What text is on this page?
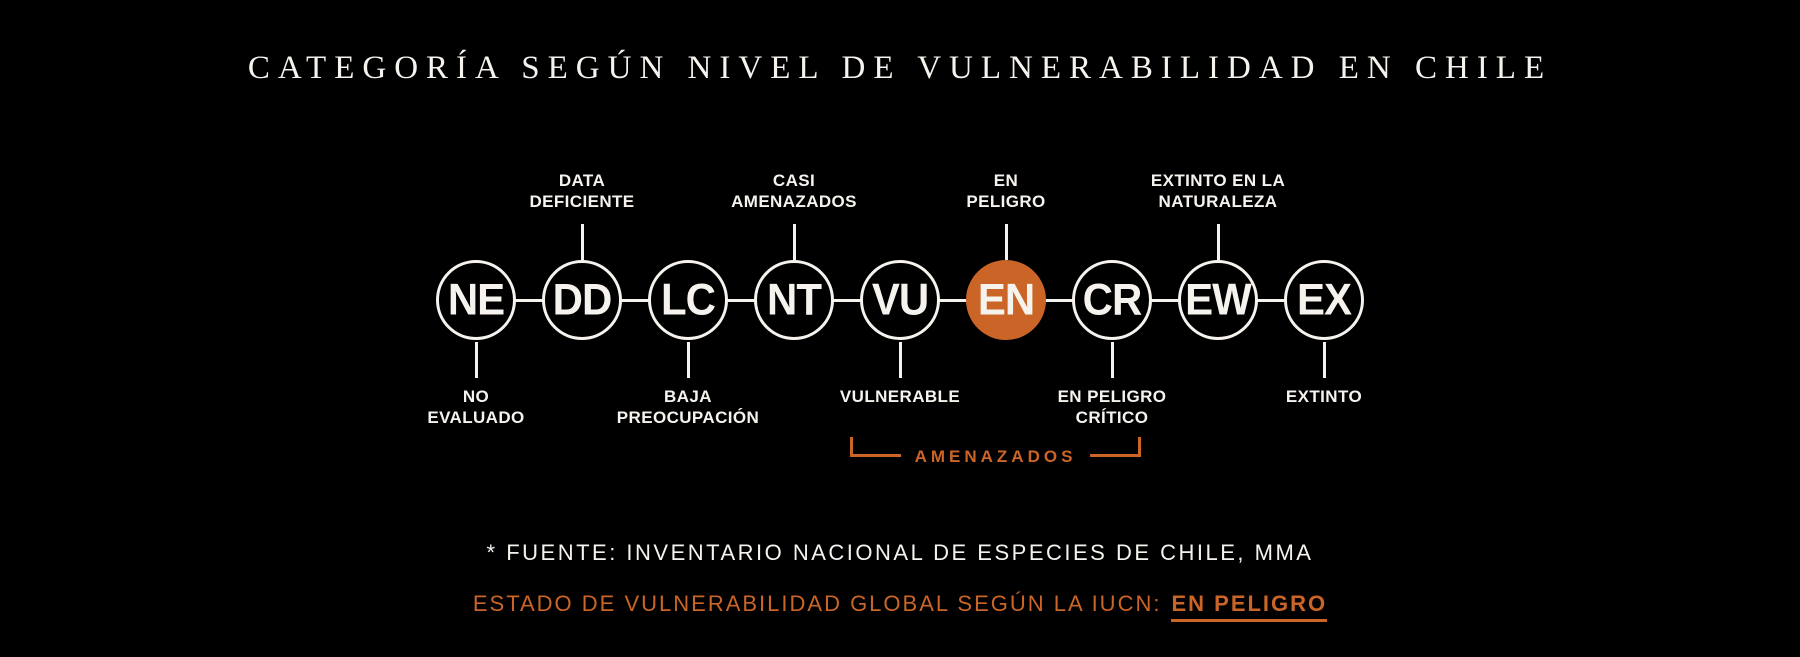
CATEGORÍA SEGÚN NIVEL DE VULNERABILIDAD EN CHILE
NE
NO
EVALUADO
DATA
DEFICIENTE
DD LC
BAJA
PREOCUPACIÓN
CASI
AMENAZADOS
NT VU
VULNERABLE
EN
PELIGRO
EN CR
EN PELIGRO
CRÍTICO
EXTINTO EN LA
NATURALEZA
EW EX
EXTINTO
AMENAZADOS
* FUENTE: INVENTARIO NACIONAL DE ESPECIES DE CHILE, MMA
ESTADO DE VULNERABILIDAD GLOBAL SEGÚN LA IUCN: EN PELIGRO
